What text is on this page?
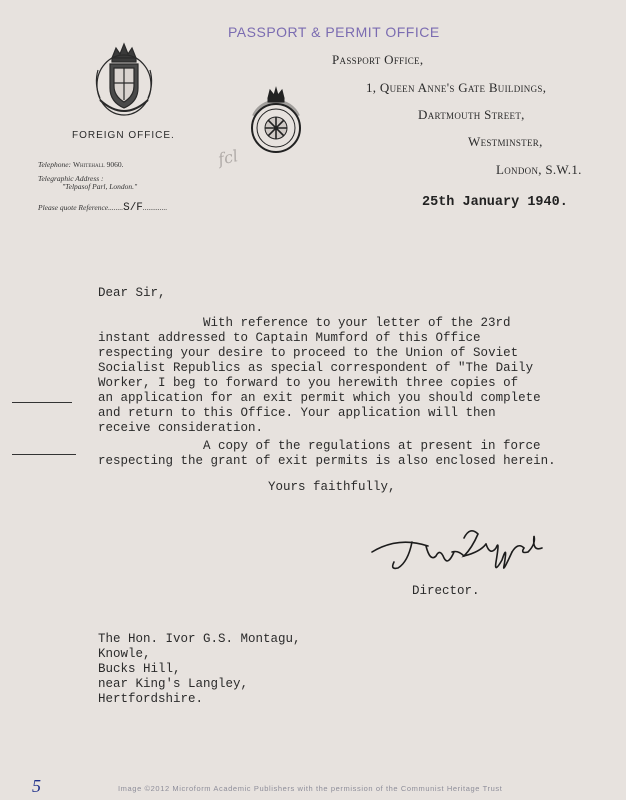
FOREIGN OFFICE.
fcl
PASSPORT & PERMIT OFFICE
Passport Office,
1, Queen Anne's Gate Buildings,
Dartmouth Street,
Westminster,
London, S.W.1.
Telephone: Whitehall 9060.
Telegraphic Address :
"Telpasof Parl, London."
Please quote Reference........S/F.............	25th January 1940.
Dear Sir,
With reference to your letter of the 23rd
instant addressed to Captain Mumford of this Office
respecting your desire to proceed to the Union of Soviet
Socialist Republics as special correspondent of "The Daily
Worker, I beg to forward to you herewith three copies of
an application for an exit permit which you should complete
and return to this Office. Your application will then
receive consideration.
A copy of the regulations at present in force
respecting the grant of exit permits is also enclosed herein.
Yours faithfully,
Director.
The Hon. Ivor G.S. Montagu,
Knowle,
Bucks Hill,
near King's Langley,
Hertfordshire.
5	Image ©2012 Microform Academic Publishers with the permission of the Communist Heritage Trust
